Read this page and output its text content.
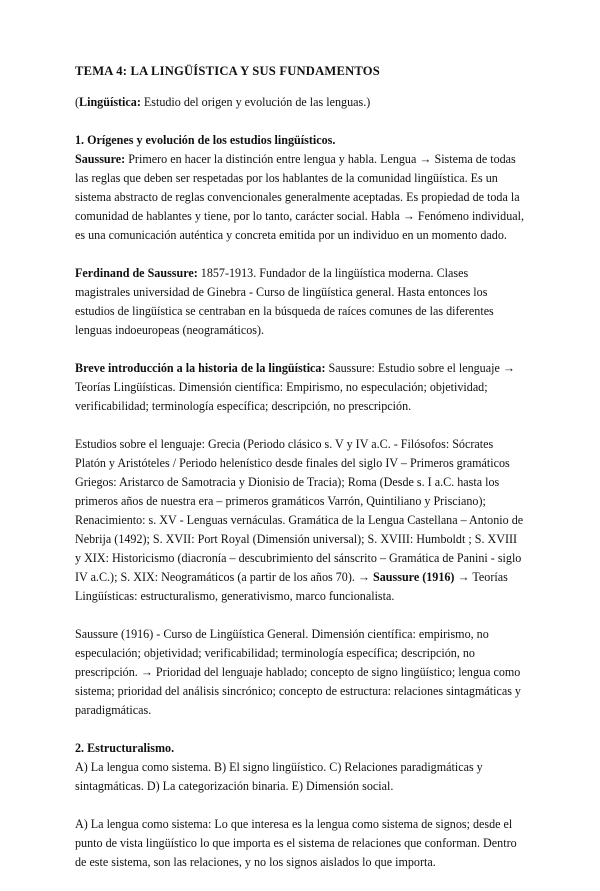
TEMA 4: LA LINGÜÍSTICA Y SUS FUNDAMENTOS

(Lingüística: Estudio del origen y evolución de las lenguas.)

1. Orígenes y evolución de los estudios lingüísticos.
Saussure: Primero en hacer la distinción entre lengua y habla. Lengua → Sistema de todas las reglas que deben ser respetadas por los hablantes de la comunidad lingüística. Es un sistema abstracto de reglas convencionales generalmente aceptadas. Es propiedad de toda la comunidad de hablantes y tiene, por lo tanto, carácter social. Habla → Fenómeno individual, es una comunicación auténtica y concreta emitida por un individuo en un momento dado.

Ferdinand de Saussure: 1857-1913. Fundador de la lingüística moderna. Clases magistrales universidad de Ginebra - Curso de lingüística general. Hasta entonces los estudios de lingüística se centraban en la búsqueda de raíces comunes de las diferentes lenguas indoeuropeas (neogramáticos).

Breve introducción a la historia de la lingüística: Saussure: Estudio sobre el lenguaje → Teorías Lingüísticas. Dimensión científica: Empirismo, no especulación; objetividad; verificabilidad; terminología específica; descripción, no prescripción.

Estudios sobre el lenguaje: Grecia (Periodo clásico s. V y IV a.C. - Filósofos: Sócrates Platón y Aristóteles / Periodo helenístico desde finales del siglo IV – Primeros gramáticos Griegos: Aristarco de Samotracia y Dionisio de Tracia); Roma (Desde s. I a.C. hasta los primeros años de nuestra era – primeros gramáticos Varrón, Quintiliano y Prisciano); Renacimiento: s. XV - Lenguas vernáculas. Gramática de la Lengua Castellana – Antonio de Nebrija (1492); S. XVII: Port Royal (Dimensión universal); S. XVIII: Humboldt ; S. XVIII y XIX: Historicismo (diacronía – descubrimiento del sánscrito – Gramática de Panini - siglo IV a.C.); S. XIX: Neogramáticos (a partir de los años 70). → Saussure (1916) → Teorías Lingüísticas: estructuralismo, generativismo, marco funcionalista.

Saussure (1916) - Curso de Lingüística General. Dimensión científica: empirismo, no especulación; objetividad; verificabilidad; terminología específica; descripción, no prescripción. → Prioridad del lenguaje hablado; concepto de signo lingüístico; lengua como sistema; prioridad del análisis sincrónico; concepto de estructura: relaciones sintagmáticas y paradigmáticas.

2. Estructuralismo.
A) La lengua como sistema. B) El signo lingüístico. C) Relaciones paradigmáticas y sintagmáticas. D) La categorización binaria. E) Dimensión social.

A) La lengua como sistema: Lo que interesa es la lengua como sistema de signos; desde el punto de vista lingüístico lo que importa es el sistema de relaciones que conforman. Dentro de este sistema, son las relaciones, y no los signos aislados lo que importa.
